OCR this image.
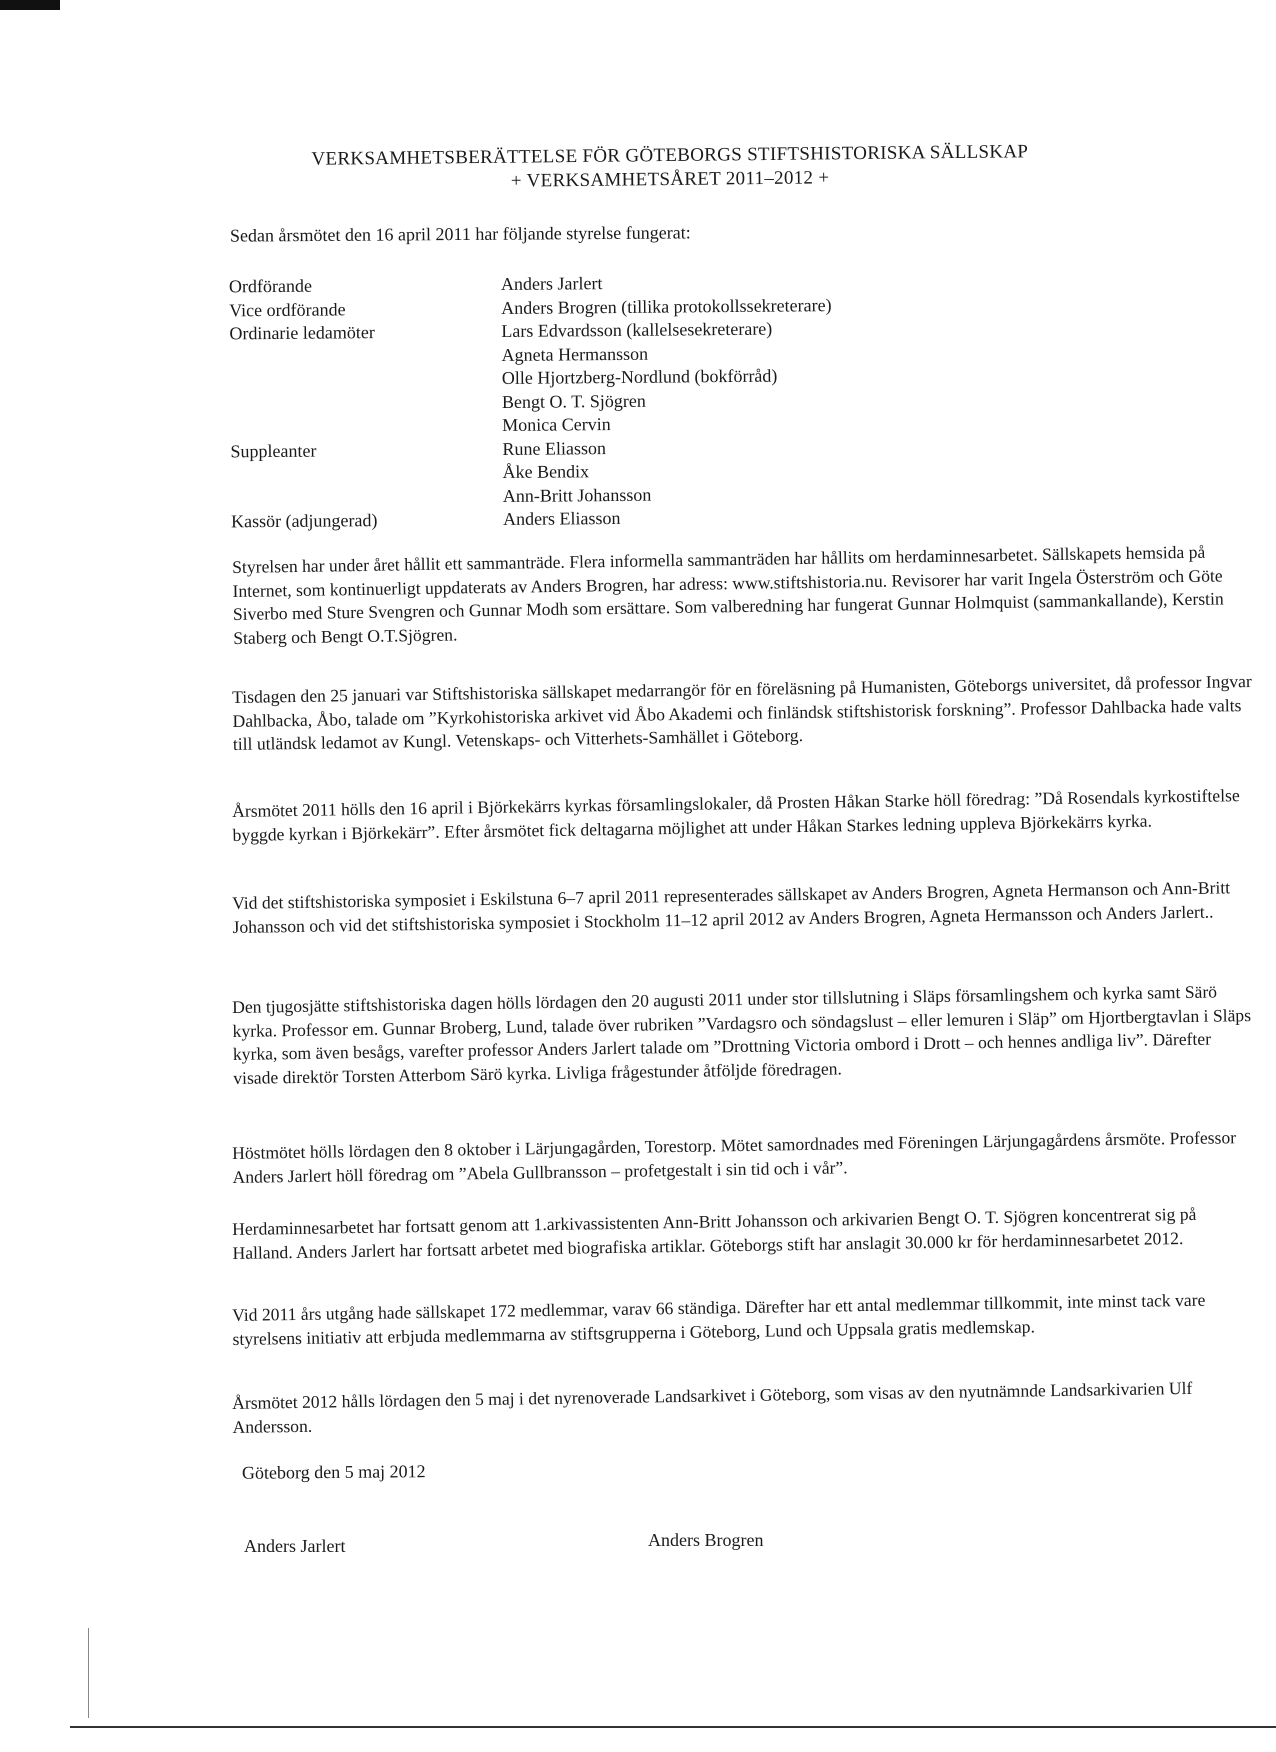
VERKSAMHETSBERÄTTELSE FÖR GÖTEBORGS STIFTSHISTORISKA SÄLLSKAP
+ VERKSAMHETSÅRET 2011–2012 +
Sedan årsmötet den 16 april 2011 har följande styrelse fungerat:
Ordförande	Anders Jarlert
Vice ordförande	Anders Brogren (tillika protokollssekreterare)
Ordinarie ledamöter	Lars Edvardsson (kallelsesekreterare)
Agneta Hermansson
Olle Hjortzberg-Nordlund (bokförråd)
Bengt O. T. Sjögren
Monica Cervin
Suppleanter	Rune Eliasson
Åke Bendix
Ann-Britt Johansson
Kassör (adjungerad)	Anders Eliasson

Styrelsen har under året hållit ett sammanträde. Flera informella sammanträden har hållits om herdaminnesarbetet. Sällskapets hemsida på Internet, som kontinuerligt uppdaterats av Anders Brogren, har adress: www.stiftshistoria.nu. Revisorer har varit Ingela Österström och Göte Siverbo med Sture Svengren och Gunnar Modh som ersättare. Som valberedning har fungerat Gunnar Holmquist (sammankallande), Kerstin Staberg och Bengt O.T.Sjögren.

Tisdagen den 25 januari var Stiftshistoriska sällskapet medarrangör för en föreläsning på Humanisten, Göteborgs universitet, då professor Ingvar Dahlbacka, Åbo, talade om ”Kyrkohistoriska arkivet vid Åbo Akademi och finländsk stiftshistorisk forskning”. Professor Dahlbacka hade valts till utländsk ledamot av Kungl. Vetenskaps- och Vitterhets-Samhället i Göteborg.

Årsmötet 2011 hölls den 16 april i Björkekärrs kyrkas församlingslokaler, då Prosten Håkan Starke höll föredrag: ”Då Rosendals kyrkostiftelse byggde kyrkan i Björkekärr”. Efter årsmötet fick deltagarna möjlighet att under Håkan Starkes ledning uppleva Björkekärrs kyrka.

Vid det stiftshistoriska symposiet i Eskilstuna 6–7 april 2011 representerades sällskapet av Anders Brogren, Agneta Hermanson och Ann-Britt Johansson och vid det stiftshistoriska symposiet i Stockholm 11–12 april 2012 av Anders Brogren, Agneta Hermansson och Anders Jarlert..

Den tjugosjätte stiftshistoriska dagen hölls lördagen den 20 augusti 2011 under stor tillslutning i Släps församlingshem och kyrka samt Särö kyrka. Professor em. Gunnar Broberg, Lund, talade över rubriken ”Vardagsro och söndagslust – eller lemuren i Släp” om Hjortbergtavlan i Släps kyrka, som även besågs, varefter professor Anders Jarlert talade om ”Drottning Victoria ombord i Drott – och hennes andliga liv”. Därefter visade direktör Torsten Atterbom Särö kyrka. Livliga frågestunder åtföljde föredragen.

Höstmötet hölls lördagen den 8 oktober i Lärjungagården, Torestorp. Mötet samordnades med Föreningen Lärjungagårdens årsmöte. Professor Anders Jarlert höll föredrag om ”Abela Gullbransson – profetgestalt i sin tid och i vår”.

Herdaminnesarbetet har fortsatt genom att 1.arkivassistenten Ann-Britt Johansson och arkivarien Bengt O. T. Sjögren koncentrerat sig på Halland. Anders Jarlert har fortsatt arbetet med biografiska artiklar. Göteborgs stift har anslagit 30.000 kr för herdaminnesarbetet 2012.

Vid 2011 års utgång hade sällskapet 172 medlemmar, varav 66 ständiga. Därefter har ett antal medlemmar tillkommit, inte minst tack vare styrelsens initiativ att erbjuda medlemmarna av stiftsgrupperna i Göteborg, Lund och Uppsala gratis medlemskap.

Årsmötet 2012 hålls lördagen den 5 maj i det nyrenoverade Landsarkivet i Göteborg, som visas av den nyutnämnde Landsarkivarien Ulf Andersson.

Göteborg den 5 maj 2012
Anders Jarlert	Anders Brogren
